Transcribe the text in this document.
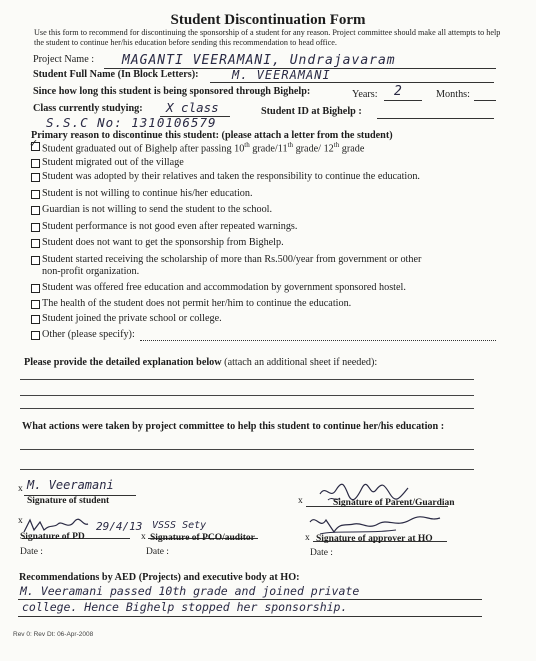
Student Discontinuation Form
Use this form to recommend for discontinuing the sponsorship of a student for any reason. Project committee should make all attempts to help the student to continue her/his education before sending this recommendation to head office.
Project Name : MAGANTI VEERAMANI, Undrajavaram
Student Full Name (In Block Letters):	M. VEERAMANI
Since how long this student is being sponsored through Bighelp:	Years: 2	Months:
Class currently studying: X class	Student ID at Bighelp :
S.S.C No: 1310106579
Primary reason to discontinue this student: (please attach a letter from the student)
✓ Student graduated out of Bighelp after passing 10th grade/11th grade/ 12th grade
Student migrated out of the village
Student was adopted by their relatives and taken the responsibility to continue the education.
Student is not willing to continue his/her education.
Guardian is not willing to send the student to the school.
Student performance is not good even after repeated warnings.
Student does not want to get the sponsorship from Bighelp.
Student started receiving the scholarship of more than Rs.500/year from government or other
non-profit organization.
Student was offered free education and accommodation by government sponsored hostel.
The health of the student does not permit her/him to continue the education.
Student joined the private school or college.
Other (please specify):
Please provide the detailed explanation below (attach an additional sheet if needed):
What actions were taken by project committee to help this student to continue her/his education :
x M. Veeramani
Signature of student	x	Signature of Parent/Guardian
x	29/4/13
Signature of PD
Date :
VSSS Sety
x Signature of PCO/auditor
Date :
x Signature of approver at HO
Date :
Recommendations by AED (Projects) and executive body at HO:
M. Veeramani passed 10th grade and joined private
college. Hence Bighelp stopped her sponsorship.
Rev 0: Rev Dt: 06-Apr-2008
